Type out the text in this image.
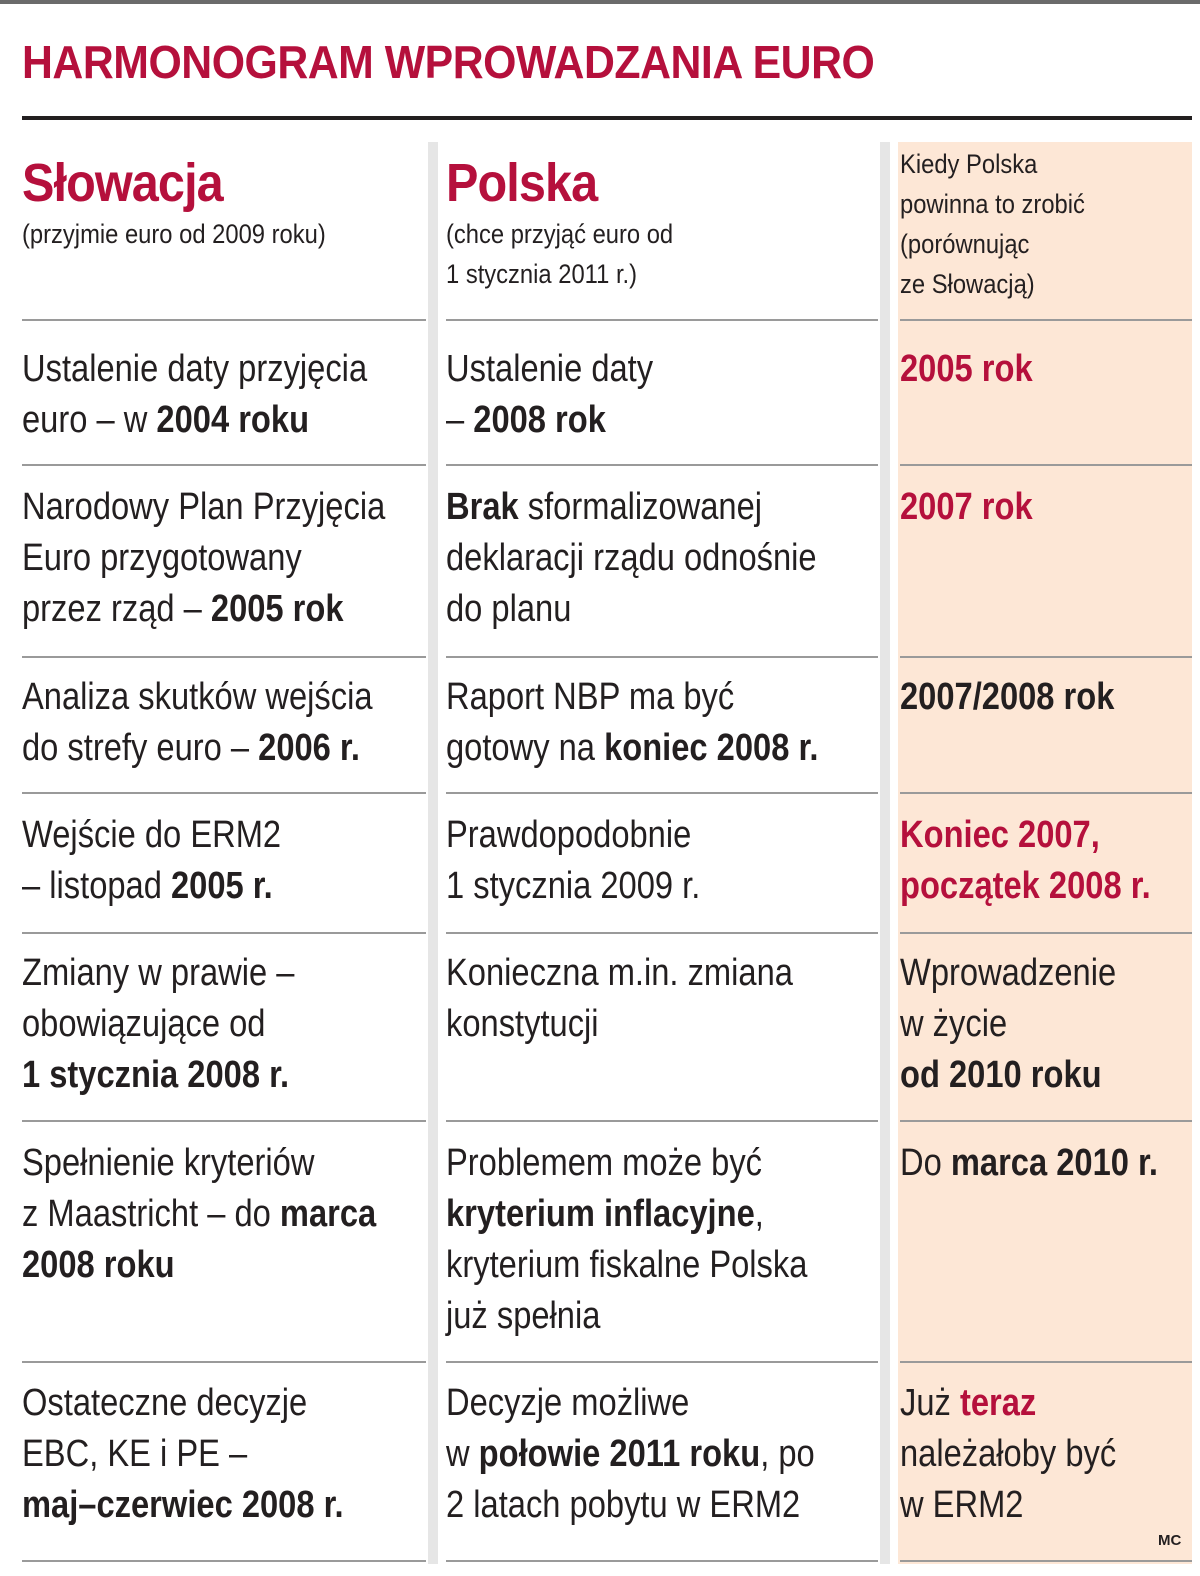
HARMONOGRAM WPROWADZANIA EURO
Słowacja
(przyjmie euro od 2009 roku)
Polska
(chce przyjąć euro od
1 stycznia 2011 r.)
Kiedy Polska
powinna to zrobić
(porównując
ze Słowacją)
Ustalenie daty przyjęcia
euro – w 2004 roku
Ustalenie daty
– 2008 rok
2005 rok
Narodowy Plan Przyjęcia
Euro przygotowany
przez rząd – 2005 rok
Brak sformalizowanej
deklaracji rządu odnośnie
do planu
2007 rok
Analiza skutków wejścia
do strefy euro – 2006 r.
Raport NBP ma być
gotowy na koniec 2008 r.
2007/2008 rok
Wejście do ERM2
– listopad 2005 r.
Prawdopodobnie
1 stycznia 2009 r.
Koniec 2007,
początek 2008 r.
Zmiany w prawie –
obowiązujące od
1 stycznia 2008 r.
Konieczna m.in. zmiana
konstytucji
Wprowadzenie
w życie
od 2010 roku
Spełnienie kryteriów
z Maastricht – do marca
2008 roku
Problemem może być
kryterium inflacyjne,
kryterium fiskalne Polska
już spełnia
Do marca 2010 r.
Ostateczne decyzje
EBC, KE i PE –
maj–czerwiec 2008 r.
Decyzje możliwe
w połowie 2011 roku, po
2 latach pobytu w ERM2
Już teraz
należałoby być
w ERM2
MC
